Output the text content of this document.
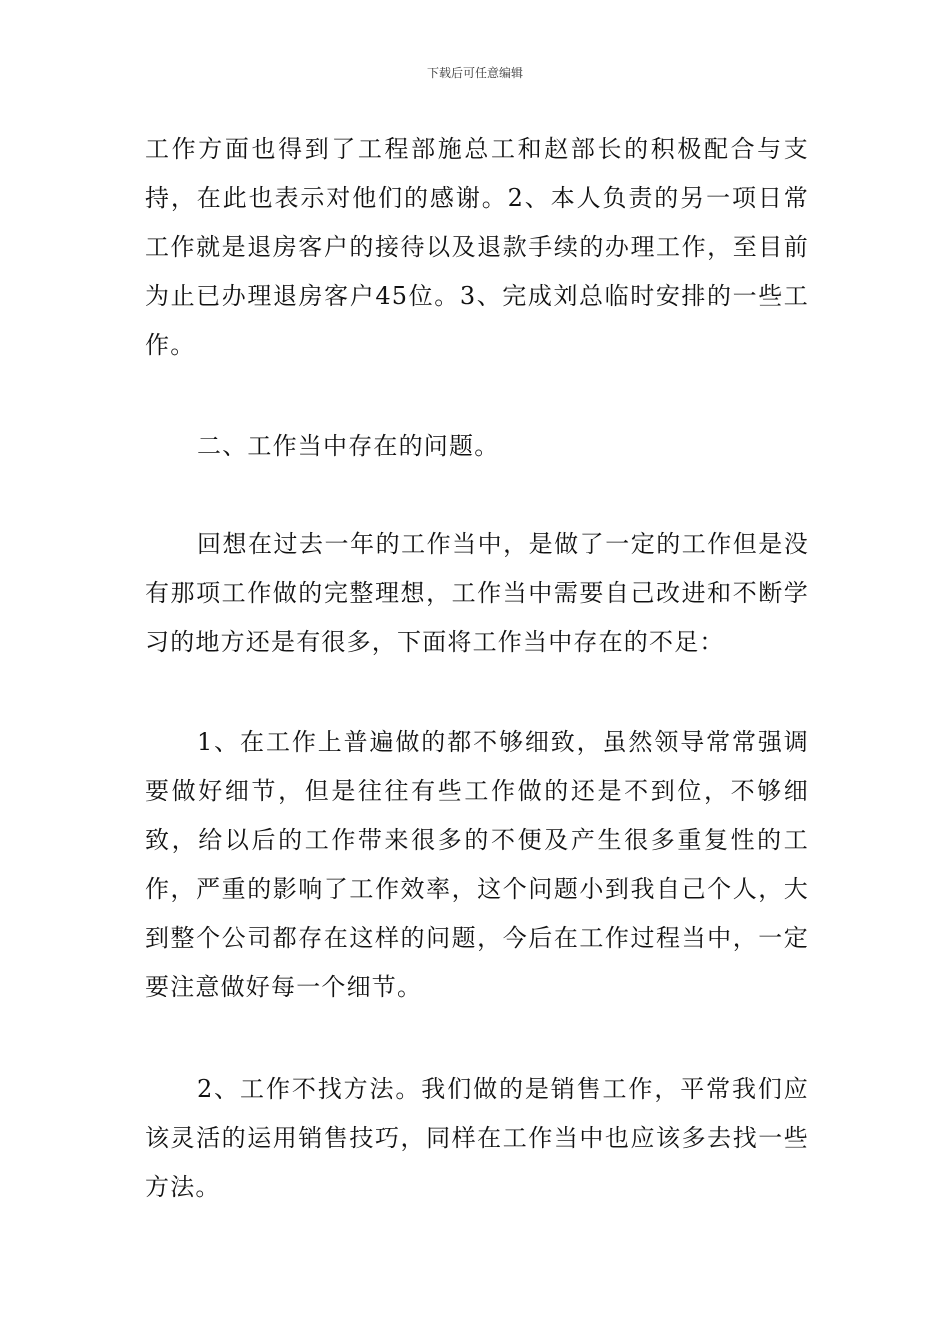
下载后可任意编辑

工作方面也得到了工程部施总工和赵部长的积极配合与支持，在此也表示对他们的感谢。2、本人负责的另一项日常工作就是退房客户的接待以及退款手续的办理工作，至目前为止已办理退房客户45位。3、完成刘总临时安排的一些工作。

二、工作当中存在的问题。

回想在过去一年的工作当中，是做了一定的工作但是没有那项工作做的完整理想，工作当中需要自己改进和不断学习的地方还是有很多，下面将工作当中存在的不足：

1、在工作上普遍做的都不够细致，虽然领导常常强调要做好细节，但是往往有些工作做的还是不到位，不够细致，给以后的工作带来很多的不便及产生很多重复性的工作，严重的影响了工作效率，这个问题小到我自己个人，大到整个公司都存在这样的问题，今后在工作过程当中，一定要注意做好每一个细节。

2、工作不找方法。我们做的是销售工作，平常我们应该灵活的运用销售技巧，同样在工作当中也应该多去找一些方法。
